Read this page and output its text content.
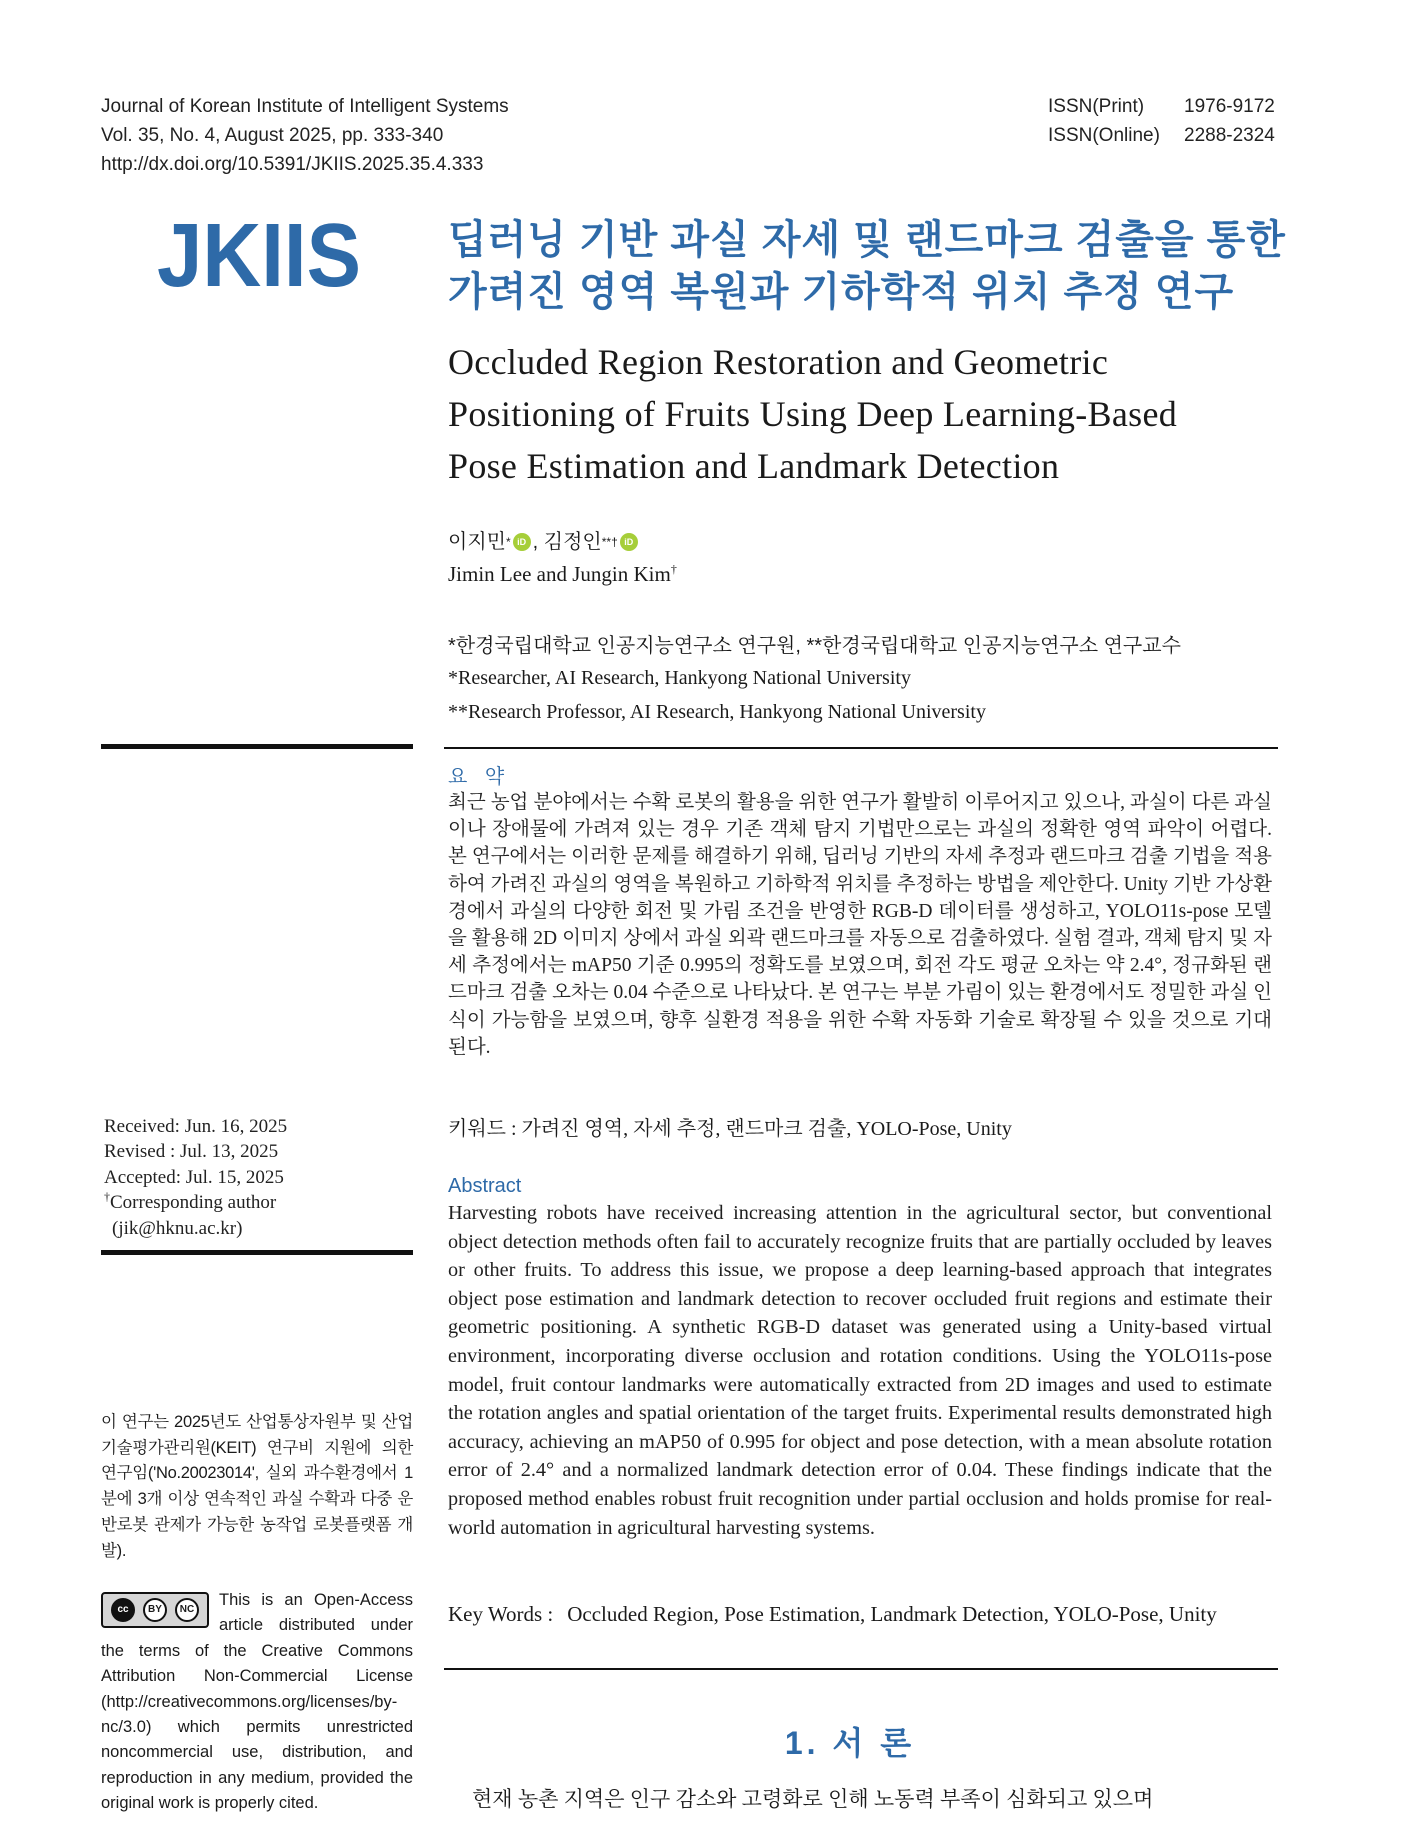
Journal of Korean Institute of Intelligent Systems
Vol. 35, No. 4, August 2025, pp. 333-340
http://dx.doi.org/10.5391/JKIIS.2025.35.4.333
ISSN(Print)	1976-9172
ISSN(Online)	2288-2324
JKIIS 딥러닝 기반 과실 자세 및 랜드마크 검출을 통한
가려진 영역 복원과 기하학적 위치 추정 연구
Occluded Region Restoration and Geometric
Positioning of Fruits Using Deep Learning-Based
Pose Estimation and Landmark Detection
이지민 * iD , 김정인 **† iD
Jimin Lee and Jungin Kim†
*한경국립대학교 인공지능연구소 연구원, **한경국립대학교 인공지능연구소 연구교수
*Researcher, AI Research, Hankyong National University
**Research Professor, AI Research, Hankyong National University
요 약
최근 농업 분야에서는 수확 로봇의 활용을 위한 연구가 활발히 이루어지고 있으나, 과실이 다른 과실이나 장애물에 가려져 있는 경우 기존 객체 탐지 기법만으로는 과실의 정확한 영역 파악이 어렵다. 본 연구에서는 이러한 문제를 해결하기 위해, 딥러닝 기반의 자세 추정과 랜드마크 검출 기법을 적용하여 가려진 과실의 영역을 복원하고 기하학적 위치를 추정하는 방법을 제안한다. Unity 기반 가상환경에서 과실의 다양한 회전 및 가림 조건을 반영한 RGB-D 데이터를 생성하고, YOLO11s-pose 모델을 활용해 2D 이미지 상에서 과실 외곽 랜드마크를 자동으로 검출하였다. 실험 결과, 객체 탐지 및 자세 추정에서는 mAP50 기준 0.995의 정확도를 보였으며, 회전 각도 평균 오차는 약 2.4°, 정규화된 랜드마크 검출 오차는 0.04 수준으로 나타났다. 본 연구는 부분 가림이 있는 환경에서도 정밀한 과실 인식이 가능함을 보였으며, 향후 실환경 적용을 위한 수확 자동화 기술로 확장될 수 있을 것으로 기대된다.
키워드 : 가려진 영역, 자세 추정, 랜드마크 검출, YOLO-Pose, Unity
Abstract
Harvesting robots have received increasing attention in the agricultural sector, but conventional object detection methods often fail to accurately recognize fruits that are partially occluded by leaves or other fruits. To address this issue, we propose a deep learning-based approach that integrates object pose estimation and landmark detection to recover occluded fruit regions and estimate their geometric positioning. A synthetic RGB-D dataset was generated using a Unity-based virtual environment, incorporating diverse occlusion and rotation conditions. Using the YOLO11s-pose model, fruit contour landmarks were automatically extracted from 2D images and used to estimate the rotation angles and spatial orientation of the target fruits. Experimental results demonstrated high accuracy, achieving an mAP50 of 0.995 for object and pose detection, with a mean absolute rotation error of 2.4° and a normalized landmark detection error of 0.04. These findings indicate that the proposed method enables robust fruit recognition under partial occlusion and holds promise for real-world automation in agricultural harvesting systems.
Key Words : Occluded Region, Pose Estimation, Landmark Detection, YOLO-Pose, Unity
Received: Jun. 16, 2025
Revised : Jul. 13, 2025
Accepted: Jul. 15, 2025
†Corresponding author
(jik@hknu.ac.kr)
이 연구는 2025년도 산업통상자원부 및 산업기술평가관리원(KEIT) 연구비 지원에 의한 연구임('No.20023014', 실외 과수환경에서 1분에 3개 이상 연속적인 과실 수확과 다중 운반로봇 관제가 가능한 농작업 로봇플랫폼 개발).
cc	BY	NC
This is an Open-Access article distributed under the terms of the Creative Commons Attribution Non-Commercial License (http://creativecommons.org/licenses/by-nc/3.0) which permits unrestricted noncommercial use, distribution, and reproduction in any medium, provided the original work is properly cited.
1. 서 론
현재 농촌 지역은 인구 감소와 고령화로 인해 노동력 부족이 심화되고 있으며
